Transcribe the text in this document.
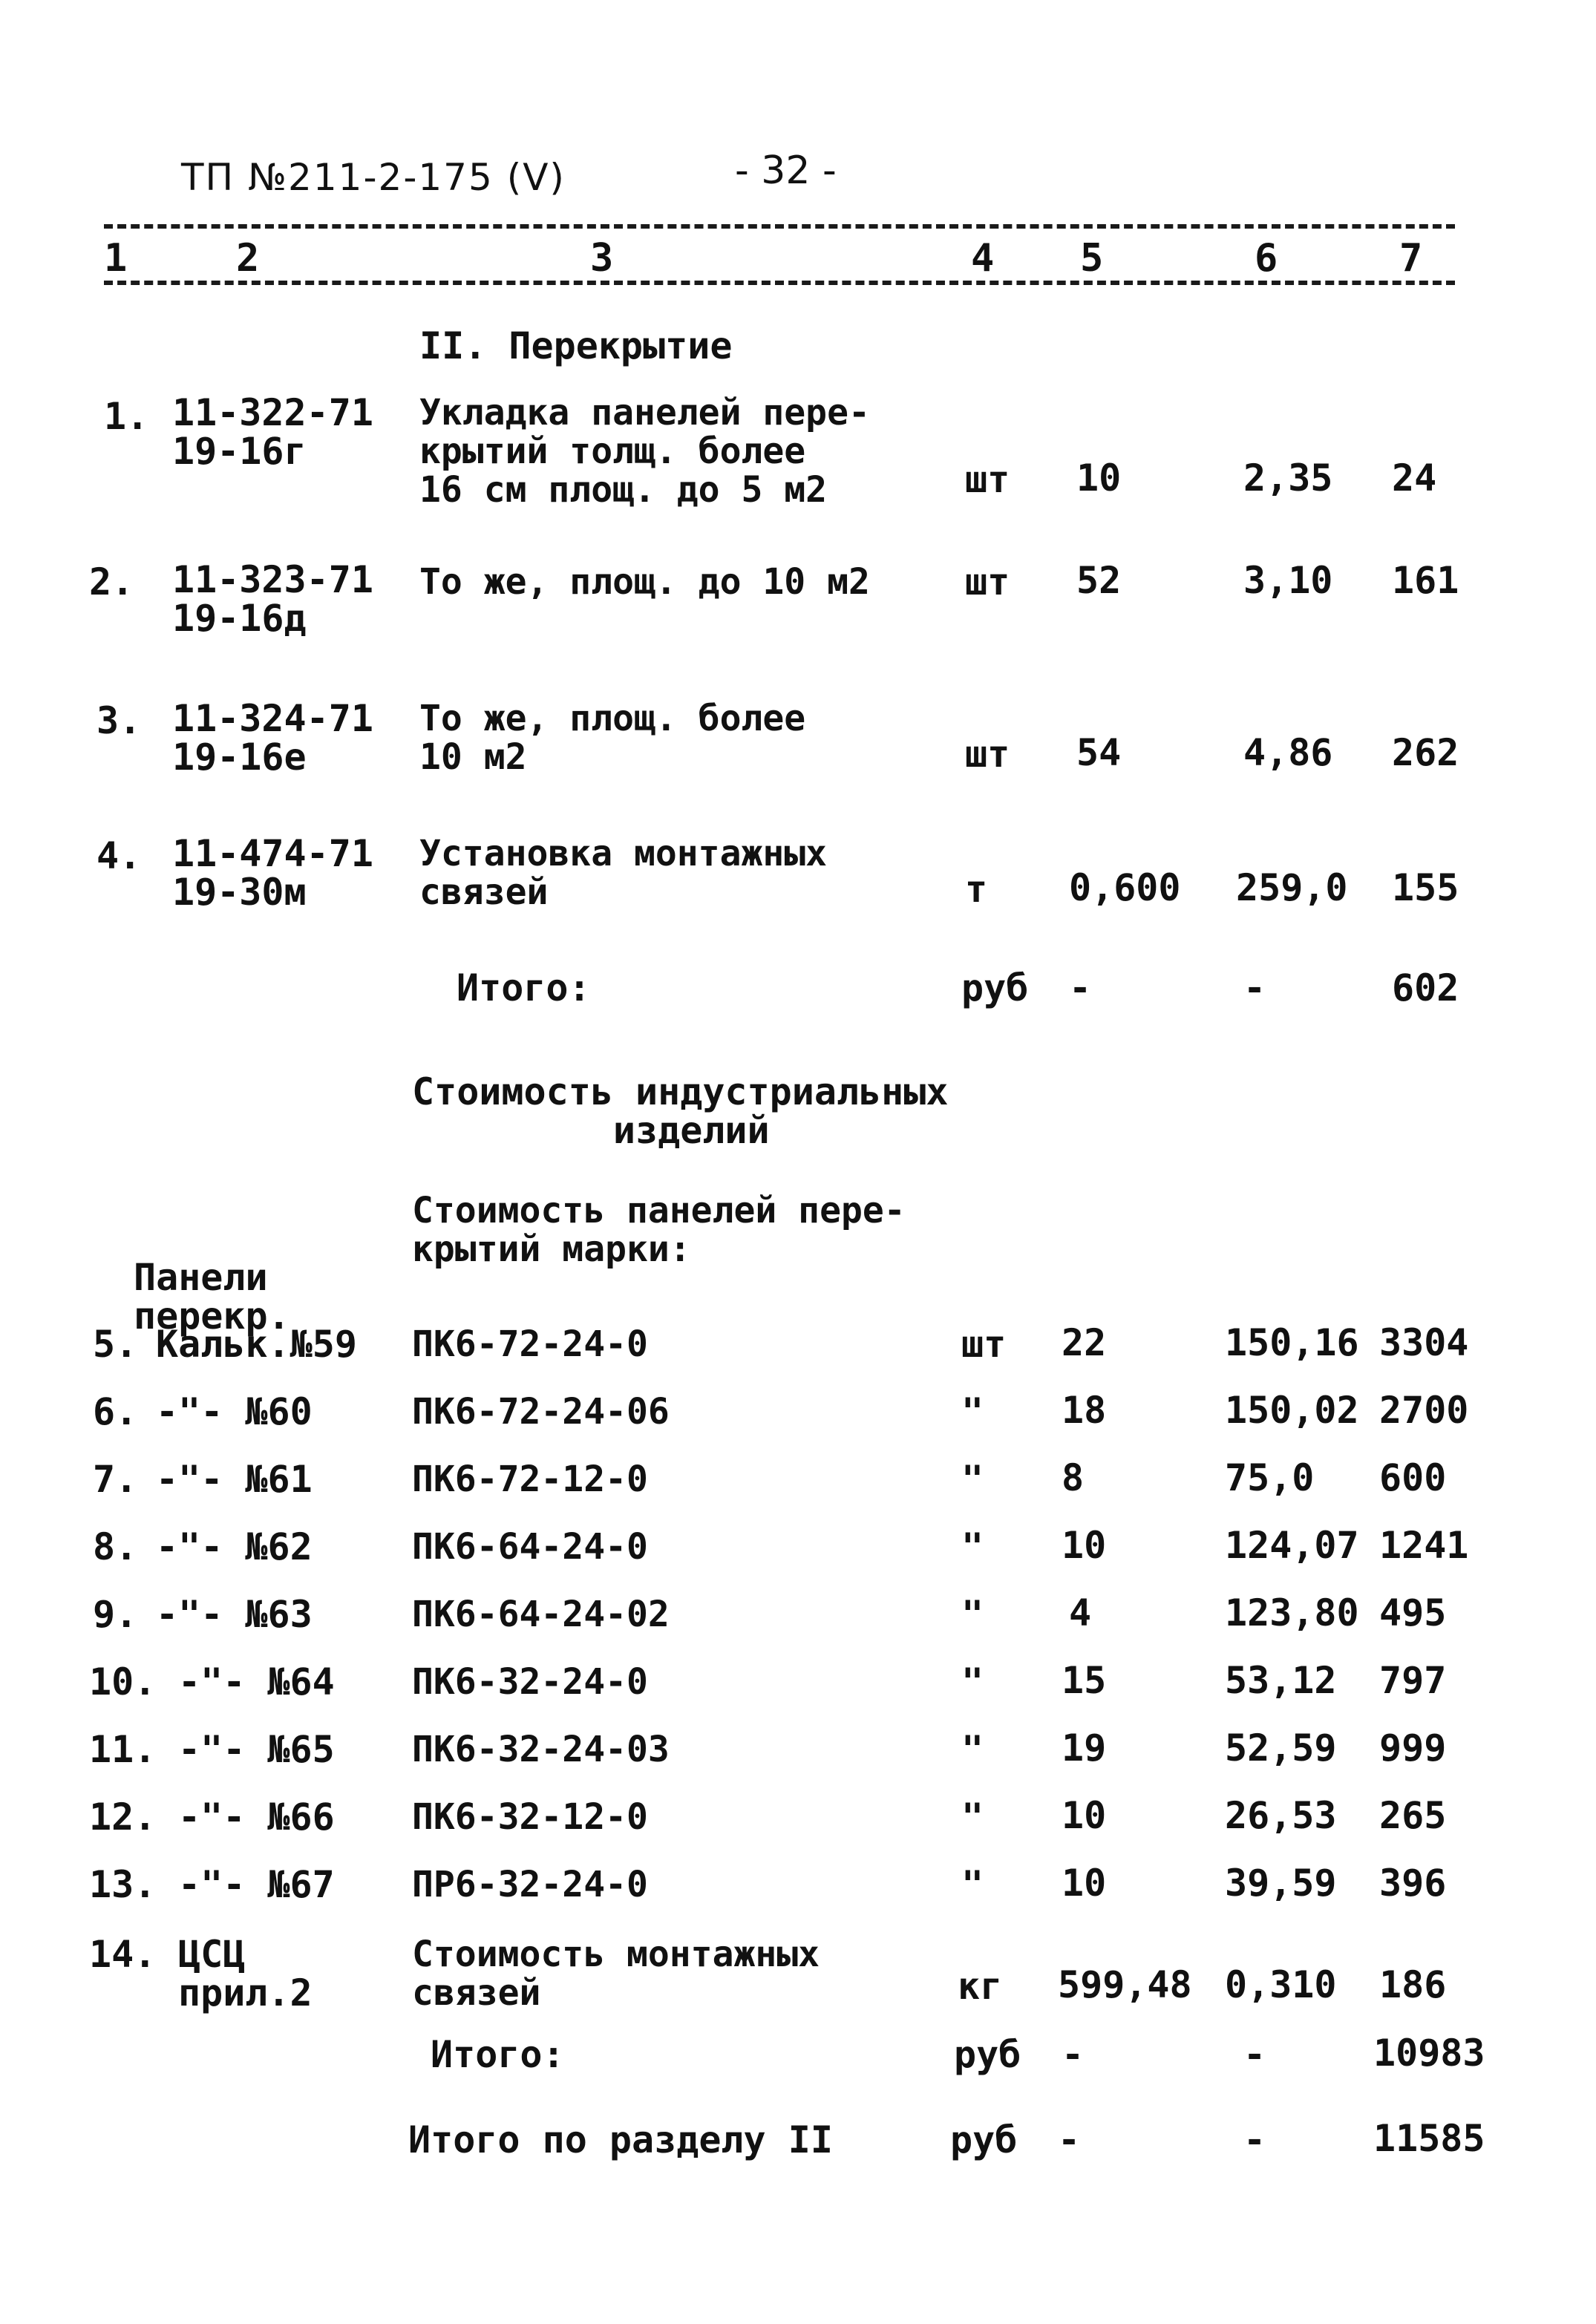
ТП №211-2-175 (V)	- 32 -
1	2	3	4 5	6	7
II. Перекрытие
1. 11-322-71
19-16г
Укладка панелей пере-
крытий толщ. более
16 см площ. до 5 м2	шт 10	2,35 24
2. 11-323-71
19-16д
То же, площ. до 10 м2	шт 52	3,10 161
3. 11-324-71
19-16е
То же, площ. более
10 м2	шт 54	4,86 262
4. 11-474-71
19-30м
Установка монтажных
связей	т 0,600 259,0 155
Итого:	руб -	-	602
Стоимость индустриальных
изделий
Стоимость панелей пере-
крытий марки:
Панели
перекр.
5. Кальк.№59 ПК6-72-24-0	шт 22	150,16 3304
6. -"- №60	ПК6-72-24-06	" 18	150,02 2700
7. -"- №61	ПК6-72-12-0	" 8	75,0 600
8. -"- №62	ПК6-64-24-0	" 10	124,07 1241
9. -"- №63	ПК6-64-24-02	" 4	123,80 495
10. -"- №64 ПК6-32-24-0	" 15	53,12 797
11. -"- №65 ПК6-32-24-03	" 19	52,59 999
12. -"- №66 ПК6-32-12-0	" 10	26,53 265
13. -"- №67 ПР6-32-24-0	" 10	39,59 396
14. ЦСЦ
прил.2
Стоимость монтажных
связей	кг 599,48 0,310 186
Итого:	руб -	-	10983
Итого по разделу II	руб -	-	11585
